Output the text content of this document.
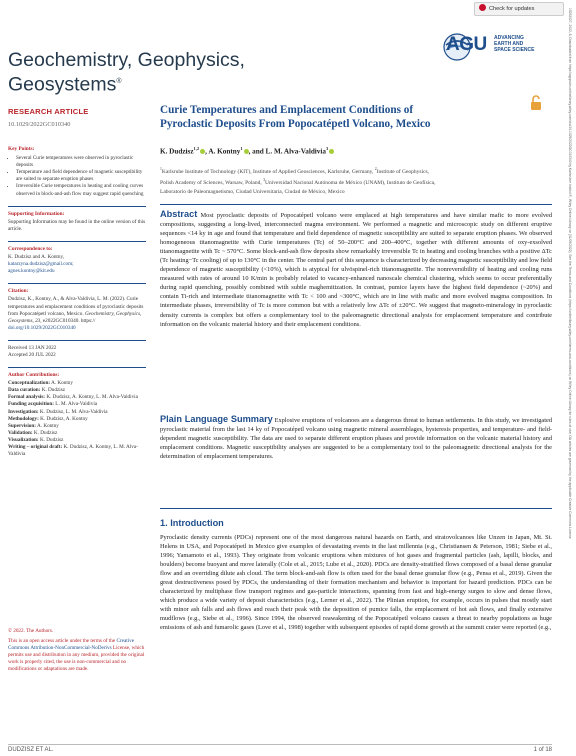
Check for updates
AGU ADVANCING
EARTH AND
SPACE SCIENCE
Geochemistry, Geophysics,
Geosystems®
RESEARCH ARTICLE
10.1029/2022GC010340
Curie Temperatures and Emplacement Conditions of
Pyroclastic Deposits From Popocatépetl Volcano, Mexico
K. Dudzisz$^{1,2}$ , A. Kontny$^1$ , and L. M. Alva-Valdivia$^3$
$^1$Karlsruhe Institute of Technology (KIT), Institute of Applied Geosciences, Karlsruhe, Germany, $^2$Institute of Geophysics,
Polish Academy of Sciences, Warsaw, Poland, $^3$Universidad Nacional Autónoma de México (UNAM), Instituto de Geofísica,
Laboratorio de Paleomagnetismo, Ciudad Universitaria, Ciudad de México, Mexico
Key Points:
• Several Curie temperatures were observed in pyroclastic deposits
• Temperature and field dependence of magnetic susceptibility are suited to separate eruption phases
• Irreversible Curie temperatures in heating and cooling curves observed in block-and-ash flow may suggest rapid quenching
Supporting Information:
Supporting Information may be found in the online version of this article.
Correspondence to:
K. Dudzisz and A. Kontny,
katarzyna.dudzisz@gmail.com;
agnes.kontny@kit.edu
Citation:
Dudzisz, K., Kontny, A., & Alva-Valdivia, L. M. (2022). Curie temperatures and emplacement conditions of pyroclastic deposits from Popocatépetl volcano, Mexico. Geochemistry, Geophysics, Geosystems, 23, e2022GC010340. https:// doi.org/10.1029/2022GC010340
Received 13 JAN 2022
Accepted 20 JUL 2022
Author Contributions:
Conceptualization: A. Kontny
Data curation: K. Dudzisz
Formal analysis: K. Dudzisz, A. Kontny, L. M. Alva-Valdivia
Funding acquisition: L. M. Alva-Valdivia
Investigation: K. Dudzisz, L. M. Alva-Valdivia
Methodology: K. Dudzisz, A. Kontny
Supervision: A. Kontny
Validation: K. Dudzisz
Visualization: K. Dudzisz
Writing – original draft: K. Dudzisz, A. Kontny, L. M. Alva-Valdivia
© 2022. The Authors.
This is an open access article under the terms of the Creative Commons Attribution-NonCommercial-NoDerivs License, which permits use and distribution in any medium, provided the original work is properly cited, the use is non-commercial and no modifications or adaptations are made.
Abstract Most pyroclastic deposits of Popocatépetl volcano were emplaced at high temperatures and have similar mafic to more evolved compositions, suggesting a long-lived, interconnected magma environment. We performed a magnetic and microscopic study on different eruptive sequences <14 ky in age and found that temperature and field dependence of magnetic susceptibility are suited to separate eruption phases. We observed homogeneous titanomagnetite with Curie temperatures (Tc) of 50–200°C and 200–400°C, together with different amounts of oxy-exsolved titanomagnetite with Tc ~ 570°C. Some block-and-ash flow deposits show remarkably irreversible Tc in heating and cooling branches with a positive ΔTc (Tc heating−Tc cooling) of up to 130°C in the center. The central part of this sequence is characterized by decreasing magnetic susceptibility and low field dependence of magnetic susceptibility (<10%), which is atypical for ulvöspinel-rich titanomagnetite. The nonreversibility of heating and cooling runs measured with rates of around 10 K/min is probably related to vacancy-enhanced nanoscale chemical clustering, which seems to occur preferentially during rapid quenching, possibly combined with subtle maghemitization. In contrast, pumice layers have the highest field dependence (~20%) and contain Ti-rich and intermediate titanomagnetite with Tc < 100 and ~300°C, which are in line with mafic and more evolved magma composition. In intermediate phases, irreversibility of Tc is more common but with a relatively low ΔTc of ±20°C. We suggest that magneto-mineralogy in pyroclastic density currents is complex but offers a complementary tool to the paleomagnetic directional analysis for emplacement temperature and contribute information on the volcanic material history and their emplacement conditions.
Plain Language Summary Explosive eruptions of volcanoes are a dangerous threat to human settlements. In this study, we investigated pyroclastic material from the last 14 ky of Popocatépetl volcano using magnetic mineral assemblages, hysteresis properties, and temperature- and field-dependent magnetic susceptibility. The data are used to separate different eruption phases and provide information on the volcanic material history and emplacement conditions. Magnetic susceptibility analyses are suggested to be a complementary tool to the paleomagnetic directional analysis for the determination of emplacement temperatures.
1. Introduction
Pyroclastic density currents (PDCs) represent one of the most dangerous natural hazards on Earth, and stratovolcanoes like Unzen in Japan, Mt. St. Helens in USA, and Popocatépetl in Mexico give examples of devastating events in the last millennia (e.g., Christiansen & Peterson, 1981; Siebe et al., 1996; Yamamoto et al., 1993). They originate from volcanic eruptions when mixtures of hot gases and fragmental particles (ash, lapilli, blocks, and boulders) become buoyant and move laterally (Cole et al., 2015; Lube et al., 2020). PDCs are density-stratified flows composed of a basal dense granular flow and an overriding dilute ash cloud. The term block-and-ash flow is often used for the basal dense granular flow (e.g., Pensa et al., 2019). Given the great destructiveness posed by PDCs, the understanding of their formation mechanism and behavior is important for hazard prediction. PDCs can be characterized by multiphase flow transport regimes and gas-particle interactions, spanning from fast and high-energy surges to slow and dense flows, which produce a wide variety of deposit characteristics (e.g., Lerner et al., 2022). The Plinian eruption, for example, occurs in pulses that mostly start with minor ash falls and ash flows and reach their peak with the deposition of pumice falls, the emplacement of hot ash flows, and finally extensive mudflows (e.g., Siebe et al., 1996). Since 1994, the observed reawakening of the Popocatépetl volcano causes a threat to nearby populations as huge emissions of ash and fumarolic gases (Love et al., 1998) together with subsequent episodes of rapid dome growth at the summit crater were reported (e.g.,
DUDZISZ ET AL.	1 of 18
15252027, 2022, 8, Downloaded from https://agupubs.onlinelibrary.wiley.com/doi/10.1029/2022GC010340 by Karlsruher Institut F., Wiley Online Library on [01/09/2022]. See the Terms and Conditions (https://onlinelibrary.wiley.com/terms-and-conditions) on Wiley Online Library for rules of use; OA articles are governed by the applicable Creative Commons License
